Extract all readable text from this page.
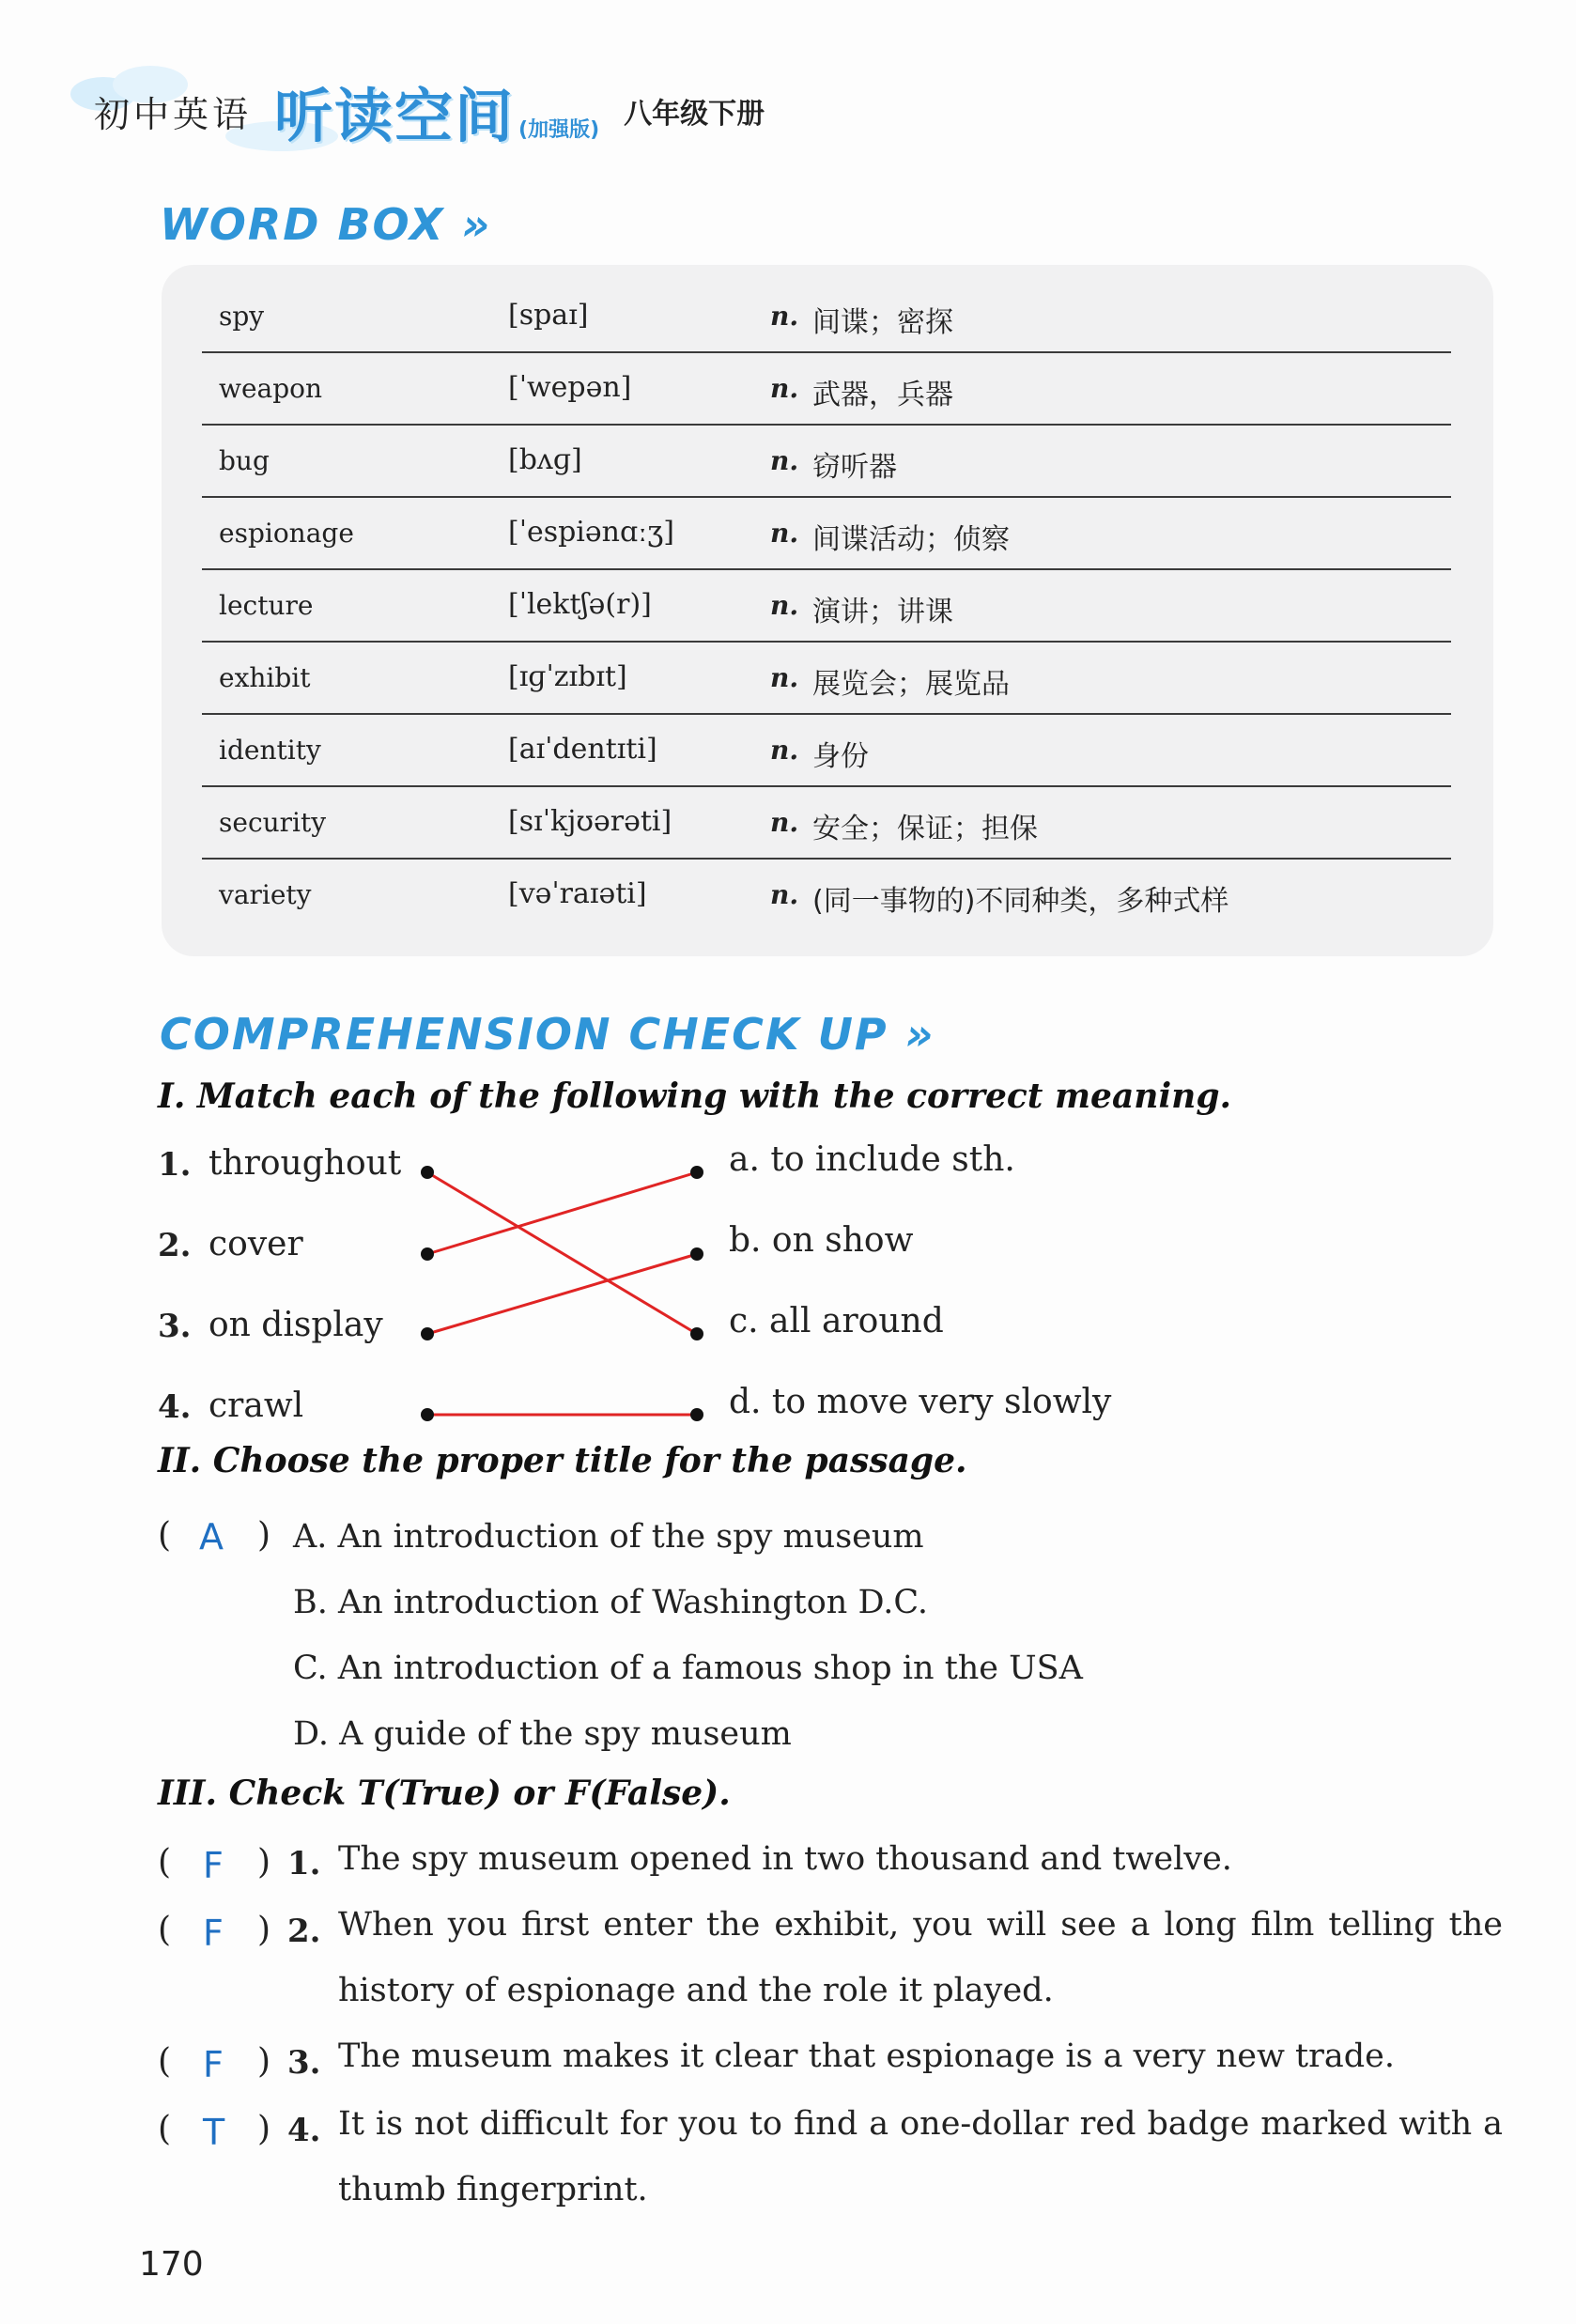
初中英语 听读空间 (加强版) 八年级下册
WORD BOX »
spy	[spaɪ]	n. 间谍；密探
weapon	[ˈwepən]	n. 武器，兵器
bug	[bʌɡ]	n. 窃听器
espionage	[ˈespiənɑːʒ]	n. 间谍活动；侦察
lecture	[ˈlektʃə(r)]	n. 演讲；讲课
exhibit	[ɪɡˈzɪbɪt]	n. 展览会；展览品
identity	[aɪˈdentɪti]	n. 身份
security	[sɪˈkjʊərəti]	n. 安全；保证；担保
variety	[vəˈraɪəti]	n. (同一事物的)不同种类，多种式样
COMPREHENSION CHECK UP »
I. Match each of the following with the correct meaning.
1. throughout
2. cover
3. on display
4. crawl
a. to include sth.
b. on show
c. all around
d. to move very slowly
II. Choose the proper title for the passage.
( A ) A. An introduction of the spy museum
B. An introduction of Washington D.C.
C. An introduction of a famous shop in the USA
D. A guide of the spy museum
III. Check T(True) or F(False).
( F ) 1. The spy museum opened in two thousand and twelve.
( F ) 2. When you first enter the exhibit, you will see a long film telling the history of espionage and the role it played.
( F ) 3. The museum makes it clear that espionage is a very new trade.
( T ) 4. It is not difficult for you to find a one-dollar red badge marked with a thumb fingerprint.
170
